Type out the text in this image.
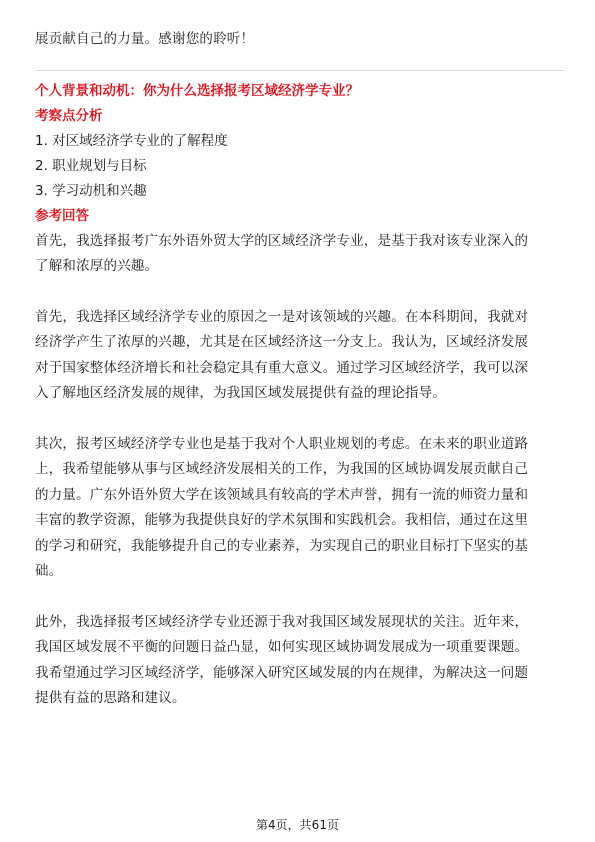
展贡献自己的力量。感谢您的聆听！

个人背景和动机：你为什么选择报考区域经济学专业？

考察点分析

1. 对区域经济学专业的了解程度

2. 职业规划与目标

3. 学习动机和兴趣

参考回答

首先，我选择报考广东外语外贸大学的区域经济学专业，是基于我对该专业深入的
了解和浓厚的兴趣。

首先，我选择区域经济学专业的原因之一是对该领域的兴趣。在本科期间，我就对
经济学产生了浓厚的兴趣，尤其是在区域经济这一分支上。我认为，区域经济发展
对于国家整体经济增长和社会稳定具有重大意义。通过学习区域经济学，我可以深
入了解地区经济发展的规律，为我国区域发展提供有益的理论指导。

其次，报考区域经济学专业也是基于我对个人职业规划的考虑。在未来的职业道路
上，我希望能够从事与区域经济发展相关的工作，为我国的区域协调发展贡献自己
的力量。广东外语外贸大学在该领域具有较高的学术声誉，拥有一流的师资力量和
丰富的教学资源，能够为我提供良好的学术氛围和实践机会。我相信，通过在这里
的学习和研究，我能够提升自己的专业素养，为实现自己的职业目标打下坚实的基
础。

此外，我选择报考区域经济学专业还源于我对我国区域发展现状的关注。近年来，
我国区域发展不平衡的问题日益凸显，如何实现区域协调发展成为一项重要课题。
我希望通过学习区域经济学，能够深入研究区域发展的内在规律，为解决这一问题
提供有益的思路和建议。

第4页，共61页
